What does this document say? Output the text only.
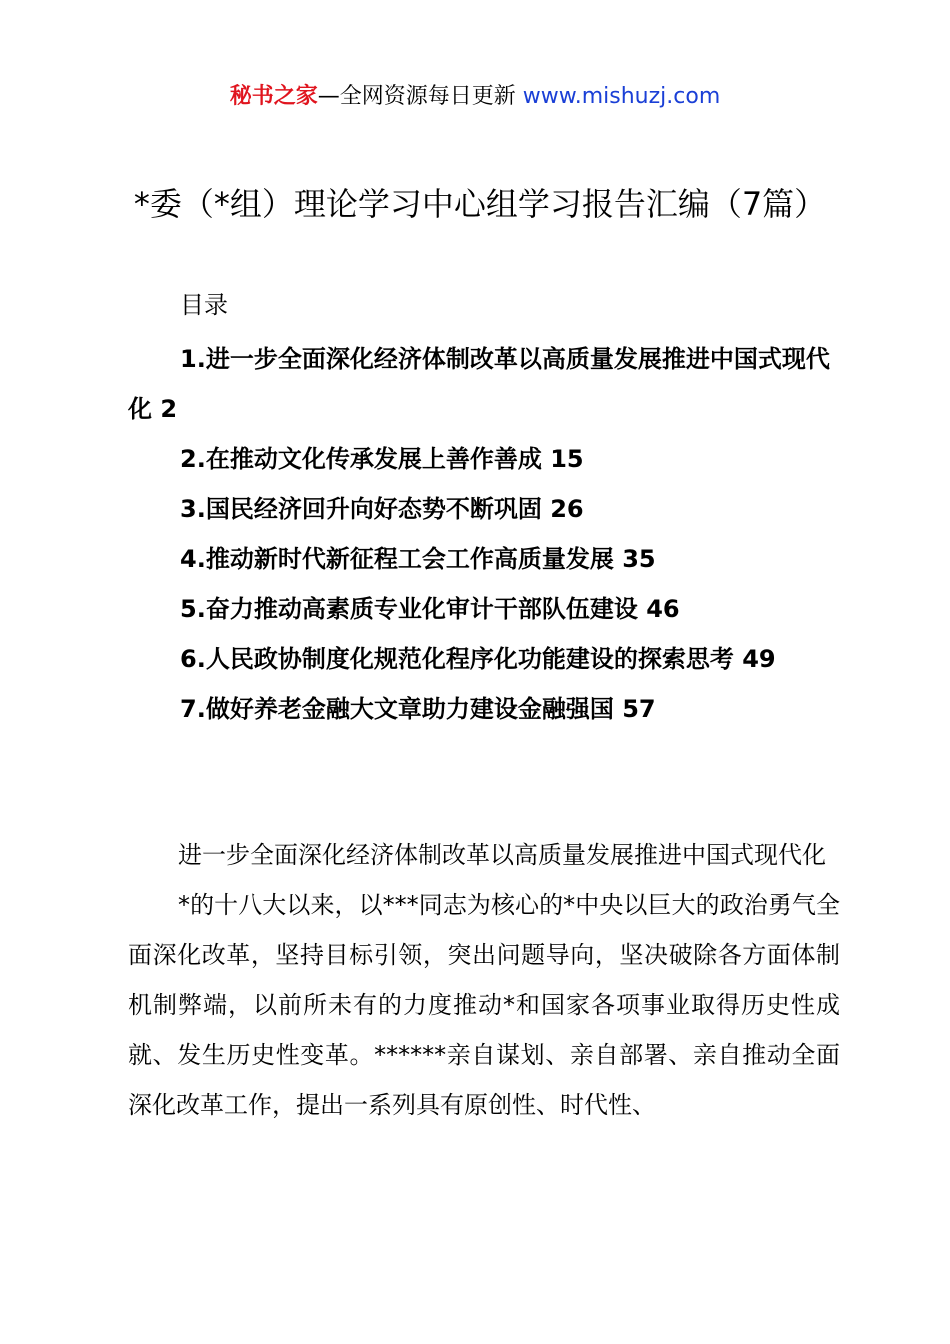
秘书之家—全网资源每日更新 www.mishuzj.com
*委（*组）理论学习中心组学习报告汇编（7篇）
目录
1.进一步全面深化经济体制改革以高质量发展推进中国式现代化 2
2.在推动文化传承发展上善作善成 15
3.国民经济回升向好态势不断巩固 26
4.推动新时代新征程工会工作高质量发展 35
5.奋力推动高素质专业化审计干部队伍建设 46
6.人民政协制度化规范化程序化功能建设的探索思考 49
7.做好养老金融大文章助力建设金融强国 57

进一步全面深化经济体制改革以高质量发展推进中国式现代化

*的十八大以来，以***同志为核心的*中央以巨大的政治勇气全面深化改革，坚持目标引领，突出问题导向，坚决破除各方面体制机制弊端，以前所未有的力度推动*和国家各项事业取得历史性成就、发生历史性变革。******亲自谋划、亲自部署、亲自推动全面深化改革工作，提出一系列具有原创性、时代性、
